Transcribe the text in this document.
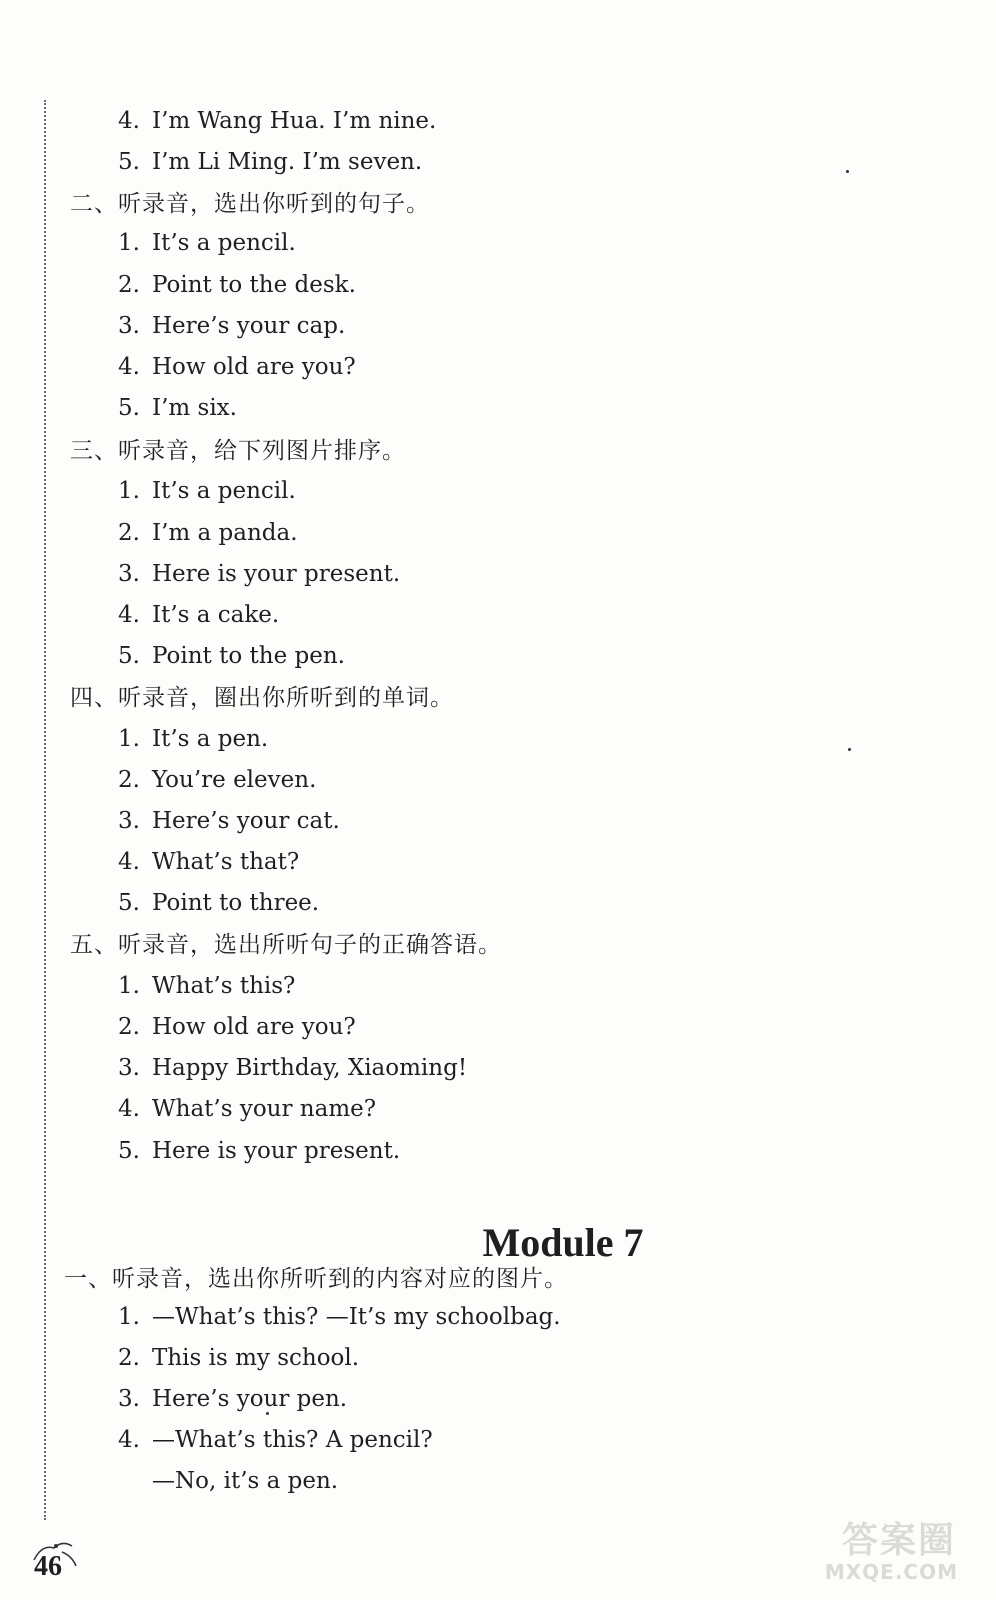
4. I’m Wang Hua. I’m nine.
5. I’m Li Ming. I’m seven.
二、听录音，选出你听到的句子。
1. It’s a pencil.
2. Point to the desk.
3. Here’s your cap.
4. How old are you?
5. I’m six.
三、听录音，给下列图片排序。
1. It’s a pencil.
2. I’m a panda.
3. Here is your present.
4. It’s a cake.
5. Point to the pen.
四、听录音，圈出你所听到的单词。
1. It’s a pen.
2. You’re eleven.
3. Here’s your cat.
4. What’s that?
5. Point to three.
五、听录音，选出所听句子的正确答语。
1. What’s this?
2. How old are you?
3. Happy Birthday, Xiaoming!
4. What’s your name?
5. Here is your present.
Module 7
一、听录音，选出你所听到的内容对应的图片。
1. —What’s this? —It’s my schoolbag.
2. This is my school.
3. Here’s your pen.
4. —What’s this? A pencil?
—No, it’s a pen.
46
答案圈
MXQE.COM
